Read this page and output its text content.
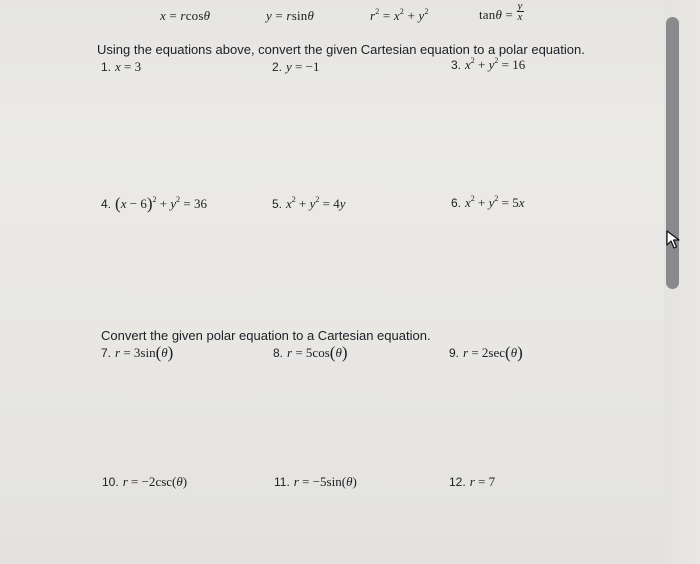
x = rcosθ	y = rsinθ	$r^2 = x^2 + y^2$	$\tan\theta = \frac{y}{x}$
Using the equations above, convert the given Cartesian equation to a polar equation.
1. x = 3	2. y = −1	3. $x^2 + y^2 = 16$
4. $(x - 6)^2 + y^2 = 36$	5. $x^2 + y^2 = 4y$	6. $x^2 + y^2 = 5x$
Convert the given polar equation to a Cartesian equation.
7. r = 3sin(θ)	8. r = 5cos(θ)	9. r = 2sec(θ)
10. r = −2csc(θ)	11. r = −5sin(θ)	12. r = 7
